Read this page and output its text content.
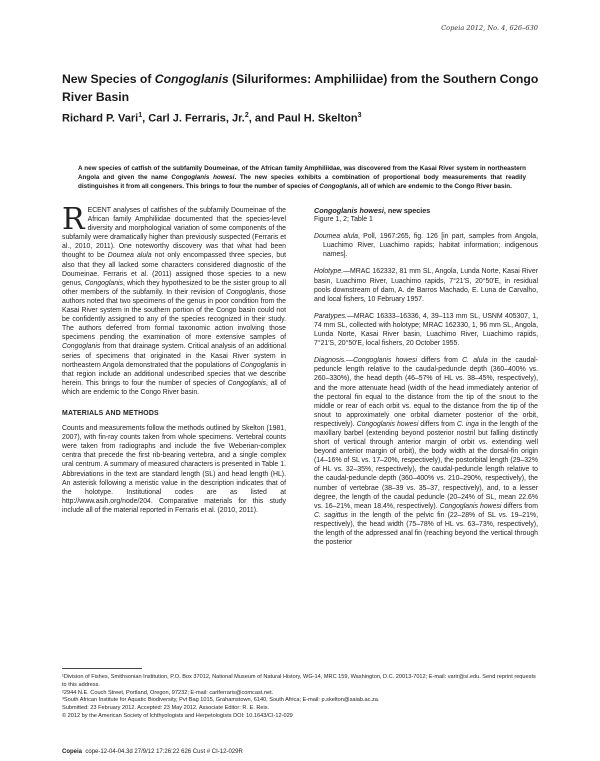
Copeia 2012, No. 4, 626–630
New Species of Congoglanis (Siluriformes: Amphiliidae) from the Southern Congo River Basin
Richard P. Vari$^1$, Carl J. Ferraris, Jr.$^2$, and Paul H. Skelton$^3$
A new species of catfish of the subfamily Doumeinae, of the African family Amphiliidae, was discovered from the Kasai River system in northeastern Angola and given the name Congoglanis howesi. The new species exhibits a combination of proportional body measurements that readily distinguishes it from all congeners. This brings to four the number of species of Congoglanis, all of which are endemic to the Congo River basin.

RECENT analyses of catfishes of the subfamily Doumeinae of the African family Amphiliidae documented that the species-level diversity and morphological variation of some components of the subfamily were dramatically higher than previously suspected (Ferraris et al., 2010, 2011). One noteworthy discovery was that what had been thought to be Doumea alula not only encompassed three species, but also that they all lacked some characters considered diagnostic of the Doumeinae. Ferraris et al. (2011) assigned those species to a new genus, Congoglanis, which they hypothesized to be the sister group to all other members of the subfamily. In their revision of Congoglanis, those authors noted that two specimens of the genus in poor condition from the Kasai River system in the southern portion of the Congo basin could not be confidently assigned to any of the species recognized in their study. The authors deferred from formal taxonomic action involving those specimens pending the examination of more extensive samples of Congoglanis from that drainage system. Critical analysis of an additional series of specimens that originated in the Kasai River system in northeastern Angola demonstrated that the populations of Congoglanis in that region include an additional undescribed species that we describe herein. This brings to four the number of species of Congoglanis, all of which are endemic to the Congo River basin.

MATERIALS AND METHODS

Counts and measurements follow the methods outlined by Skelton (1981, 2007), with fin-ray counts taken from whole specimens. Vertebral counts were taken from radiographs and include the five Weberian-complex centra that precede the first rib-bearing vertebra, and a single complex ural centrum. A summary of measured characters is presented in Table 1. Abbreviations in the text are standard length (SL) and head length (HL). An asterisk following a meristic value in the description indicates that of the holotype. Institutional codes are as listed at http://www.asih.org/node/204. Comparative materials for this study include all of the material reported in Ferraris et al. (2010, 2011).

Congoglanis howesi, new species
Figure 1, 2; Table 1

Doumea alula, Poll, 1967:265, fig. 126 [in part, samples from Angola, Luachimo River, Luachimo rapids; habitat information; indigenous names].

Holotype.—MRAC 162332, 81 mm SL, Angola, Lunda Norte, Kasai River basin, Luachimo River, Luachimo rapids, 7°21′S, 20°50′E, in residual pools downstream of dam, A. de Barros Machado, E. Luna de Carvalho, and local fishers, 10 February 1957.

Paratypes.—MRAC 16333–16336, 4, 39–113 mm SL, USNM 405307, 1, 74 mm SL, collected with holotype; MRAC 162330, 1, 96 mm SL, Angola, Lunda Norte, Kasai River basin, Luachimo River, Luachimo rapids, 7°21′S, 20°50′E, local fishers, 20 October 1955.

Diagnosis.—Congoglanis howesi differs from C. alula in the caudal-peduncle length relative to the caudal-peduncle depth (360–400% vs. 260–330%), the head depth (46–57% of HL vs. 38–45%, respectively), and the more attenuate head (width of the head immediately anterior of the pectoral fin equal to the distance from the tip of the snout to the middle or rear of each orbit vs. equal to the distance from the tip of the snout to approximately one orbital diameter posterior of the orbit, respectively). Congoglanis howesi differs from C. inga in the length of the maxillary barbel (extending beyond posterior nostril but falling distinctly short of vertical through anterior margin of orbit vs. extending well beyond anterior margin of orbit), the body width at the dorsal-fin origin (14–16% of SL vs. 17–20%, respectively), the postorbital length (29–32% of HL vs. 32–35%, respectively), the caudal-peduncle length relative to the caudal-peduncle depth (360–400% vs. 210–290%, respectively), the number of vertebrae (38–39 vs. 35–37, respectively), and, to a lesser degree, the length of the caudal peduncle (20–24% of SL, mean 22.6% vs. 16–21%, mean 18.4%, respectively). Congoglanis howesi differs from C. sagittus in the length of the pelvic fin (22–28% of SL vs. 19–21%, respectively), the head width (75–78% of HL vs. 63–73%, respectively), the length of the adpressed anal fin (reaching beyond the vertical through the posterior

¹Division of Fishes, Smithsonian Institution, P.O. Box 37012, National Museum of Natural History, WG-14, MRC 159, Washington, D.C. 20013-7012; E-mail: varir@si.edu. Send reprint requests to this address.

²2944 N.E. Couch Street, Portland, Oregon, 97232; E-mail: carlferraris@comcast.net.

³South African Institute for Aquatic Biodiversity, Pvt Bag 1015, Grahamstown, 6140, South Africa; E-mail: p.skelton@saiab.ac.za.

Submitted: 23 February 2012. Accepted: 23 May 2012. Associate Editor: R. E. Reis.

© 2012 by the American Society of Ichthyologists and Herpetologists DOI: 10.1643/CI-12-029

Copeia cope-12-04-04.3d 27/9/12 17:26:22 626 Cust # CI-12-029R
